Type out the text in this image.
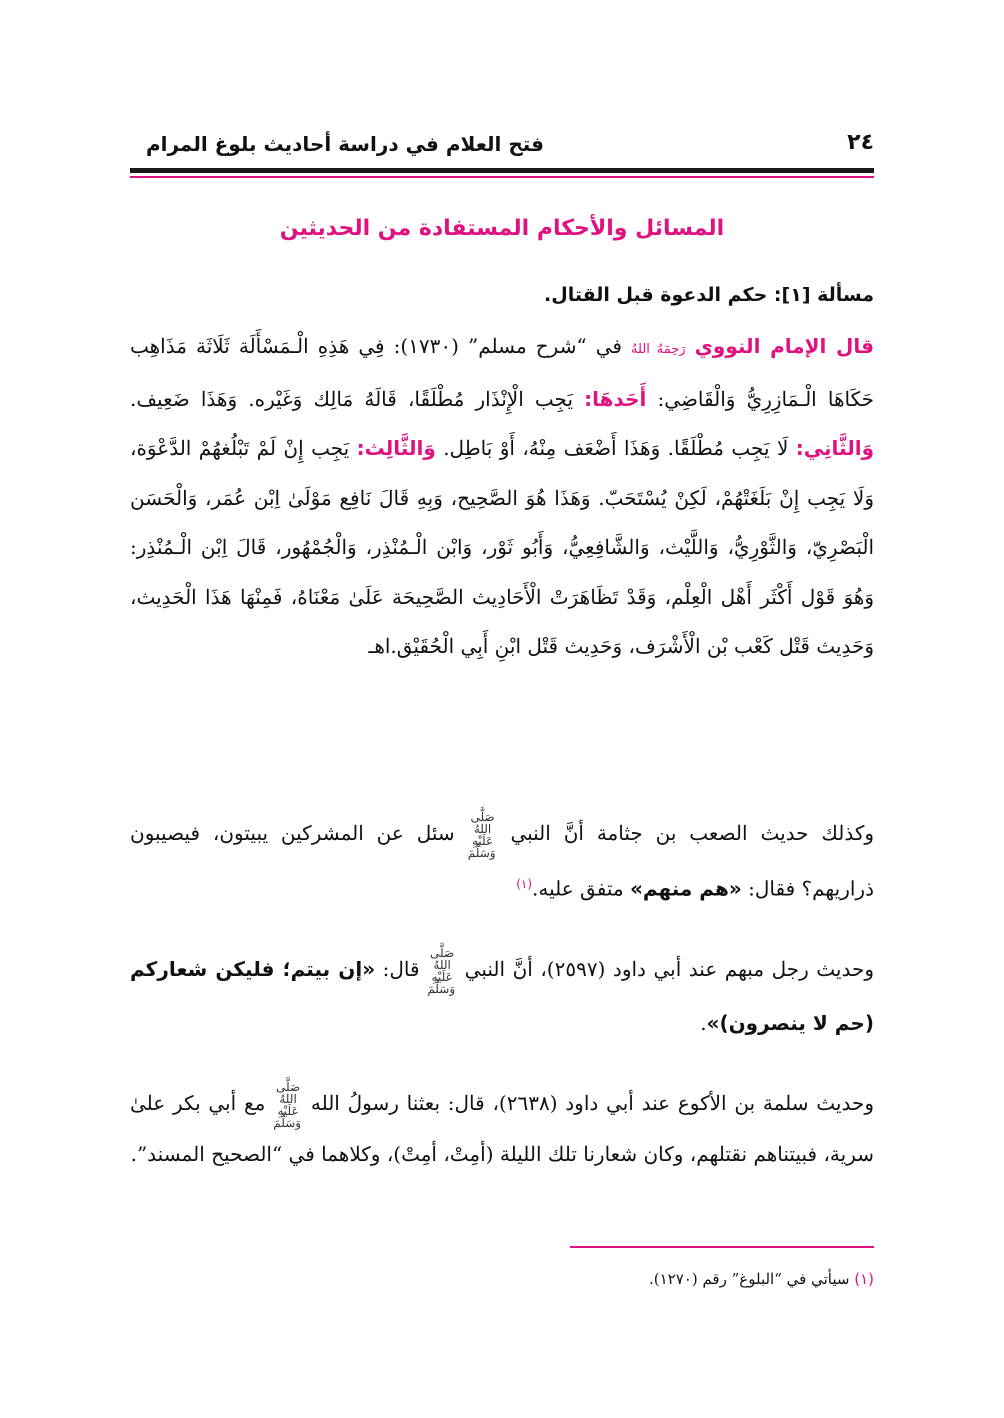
٢٤
فتح العلام في دراسة أحاديث بلوغ المرام
المسائل والأحكام المستفادة من الحديثين
مسألة [١]: حكم الدعوة قبل القتال.
قال الإمام النووي رَحِمَهُ اللهُ في “شرح مسلم” (١٧٣٠): فِي هَذِهِ الْـمَسْأَلَة ثَلَاثَة مَذَاهِب حَكَاهَا الْـمَازِرِيُّ وَالْقَاضِي: أَحَدهَا: يَجِب الْإِنْذَار مُطْلَقًا، قَالَهُ مَالِك وَغَيْره. وَهَذَا ضَعِيف. وَالثَّانِي: لَا يَجِب مُطْلَقًا. وَهَذَا أَضْعَف مِنْهُ، أَوْ بَاطِل. وَالثَّالِث: يَجِب إِنْ لَمْ تَبْلُغهُمْ الدَّعْوَة، وَلَا يَجِب إِنْ بَلَغَتْهُمْ، لَكِنْ يُسْتَحَبّ. وَهَذَا هُوَ الصَّحِيح، وَبِهِ قَالَ نَافِع مَوْلَىٰ اِبْن عُمَر، وَالْحَسَن الْبَصْرِيّ، وَالثَّوْرِيُّ، وَاللَّيْث، وَالشَّافِعِيُّ، وَأَبُو ثَوْر، وَابْن الْـمُنْذِر، وَالْجُمْهُور، قَالَ اِبْن الْـمُنْذِر: وَهُوَ قَوْل أَكْثَر أَهْل الْعِلْم، وَقَدْ تَظَاهَرَتْ الْأَحَادِيث الصَّحِيحَة عَلَىٰ مَعْنَاهُ، فَمِنْهَا هَذَا الْحَدِيث، وَحَدِيث قَتْل كَعْب بْن الْأَشْرَف، وَحَدِيث قَتْل ابْنِ أَبِي الْحُقَيْق.اهـ
وكذلك حديث الصعب بن جثامة أنَّ النبي صَلَّى اللهُ عَلَيْهِ وَسَلَّمَ سئل عن المشركين يبيتون، فيصيبون ذراريهم؟ فقال: «هم منهم» متفق عليه.$^{(١)}$
وحديث رجل مبهم عند أبي داود (٢٥٩٧)، أنَّ النبي صَلَّى اللهُ عَلَيْهِ وَسَلَّمَ قال: «إن بيتم؛ فليكن شعاركم (حم لا ينصرون)».
وحديث سلمة بن الأكوع عند أبي داود (٢٦٣٨)، قال: بعثنا رسولُ الله صَلَّى اللهُ عَلَيْهِ وَسَلَّمَ مع أبي بكر علىٰ سرية، فبيتناهم نقتلهم، وكان شعارنا تلك الليلة (أمِتْ، أمِتْ)، وكلاهما في “الصحيح المسند”.
(١) سيأتي في “البلوغ” رقم (١٢٧٠).
